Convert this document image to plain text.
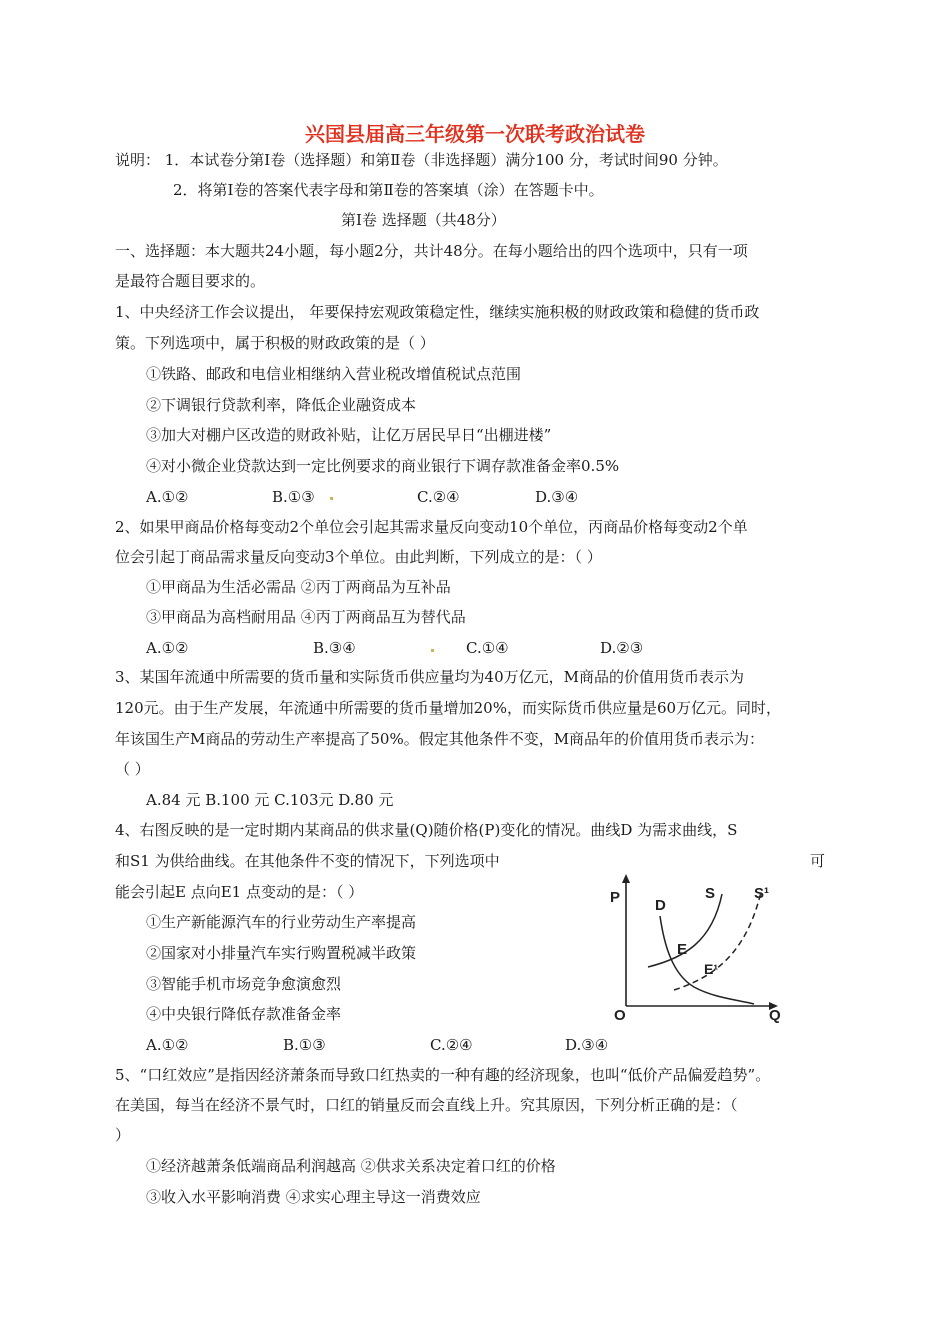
兴国县届高三年级第一次联考政治试卷
说明： 1．本试卷分第Ⅰ卷（选择题）和第Ⅱ卷（非选择题）满分100 分，考试时间90 分钟。
2．将第Ⅰ卷的答案代表字母和第Ⅱ卷的答案填（涂）在答题卡中。
第Ⅰ卷 选择题（共48分）
一、选择题：本大题共24小题，每小题2分，共计48分。在每小题给出的四个选项中，只有一项
是最符合题目要求的。
1、中央经济工作会议提出， 年要保持宏观政策稳定性，继续实施积极的财政政策和稳健的货币政
策。下列选项中，属于积极的财政政策的是（ ）
①铁路、邮政和电信业相继纳入营业税改增值税试点范围
②下调银行贷款利率，降低企业融资成本
③加大对棚户区改造的财政补贴，让亿万居民早日“出棚进楼”
④对小微企业贷款达到一定比例要求的商业银行下调存款准备金率0.5%
A.①②	B.①③	C.②④	D.③④
2、如果甲商品价格每变动2个单位会引起其需求量反向变动10个单位，丙商品价格每变动2个单
位会引起丁商品需求量反向变动3个单位。由此判断，下列成立的是：（ ）
①甲商品为生活必需品 ②丙丁两商品为互补品
③甲商品为高档耐用品 ④丙丁两商品互为替代品
A.①②	B.③④	C.①④	D.②③
3、某国年流通中所需要的货币量和实际货币供应量均为40万亿元，M商品的价值用货币表示为
120元。由于生产发展，年流通中所需要的货币量增加20%，而实际货币供应量是60万亿元。同时，
年该国生产M商品的劳动生产率提高了50%。假定其他条件不变，M商品年的价值用货币表示为：
（ ）
A.84 元 B.100 元 C.103元 D.80 元
4、右图反映的是一定时期内某商品的供求量(Q)随价格(P)变化的情况。曲线D 为需求曲线，S
和S1 为供给曲线。在其他条件不变的情况下，下列选项中	可
能会引起E 点向E1 点变动的是：（ ）
①生产新能源汽车的行业劳动生产率提高
②国家对小排量汽车实行购置税减半政策
③智能手机市场竞争愈演愈烈
④中央银行降低存款准备金率
A.①②	B.①③	C.②④	D.③④
P
Q
O
D
S	S¹
E
E¹
5、“口红效应”是指因经济萧条而导致口红热卖的一种有趣的经济现象，也叫“低价产品偏爱趋势”。
在美国，每当在经济不景气时，口红的销量反而会直线上升。究其原因，下列分析正确的是：（
）
①经济越萧条低端商品利润越高 ②供求关系决定着口红的价格
③收入水平影响消费 ④求实心理主导这一消费效应
